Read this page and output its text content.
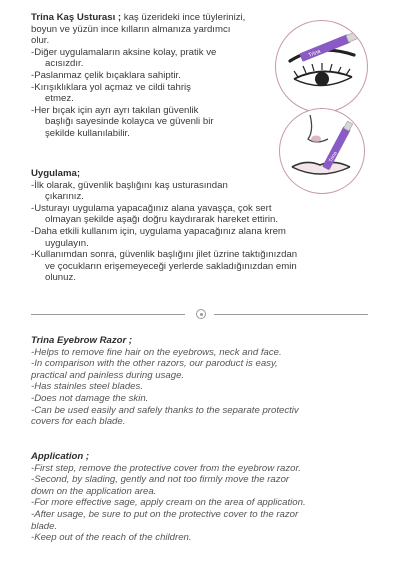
Trina Kaş Usturası ; kaş üzerideki ince tüylerinizi,
boyun ve yüzün ince kılların almanıza yardımcı
olur.
-Diğer uygulamaların aksine kolay, pratik ve
acısızdır.
-Paslanmaz çelik bıçaklara sahiptir.
-Kırışıklıklara yol açmaz ve cildi tahriş
etmez.
-Her bıçak için ayrı ayrı takılan güvenlik
başlığı sayesinde kolayca ve güvenli bir
şekilde kullanılabilir.
Trina
Trina
Uygulama;
-İlk olarak, güvenlik başlığını kaş usturasından
çıkarınız.
-Usturayı uygulama yapacağınız alana yavaşça, çok sert
olmayan şekilde aşağı doğru kaydırarak hareket ettirin.
-Daha etkili kullanım için, uygulama yapacağınız alana krem
uygulayın.
-Kullanımdan sonra, güvenlik başlığını jilet üzrine taktığınızdan
ve çocukların erişemeyeceği yerlerde sakladığınızdan emin
olunuz.
Trina Eyebrow Razor ;
-Helps to remove fine hair on the eyebrows, neck and face.
-In comparison with the other razors, our paroduct is easy,
practical and painless during usage.
-Has stainles steel blades.
-Does not damage the skin.
-Can be used easily and safely thanks to the separate protectiv
covers for each blade.
Application ;
-First step, remove the protective cover from the eyebrow razor.
-Second, by slading, gently and not too firmly move the razor
down on the application area.
-For more effective sage, apply cream on the area of application.
-After usage, be sure to put on the protective cover to the razor
blade.
-Keep out of the reach of the children.
